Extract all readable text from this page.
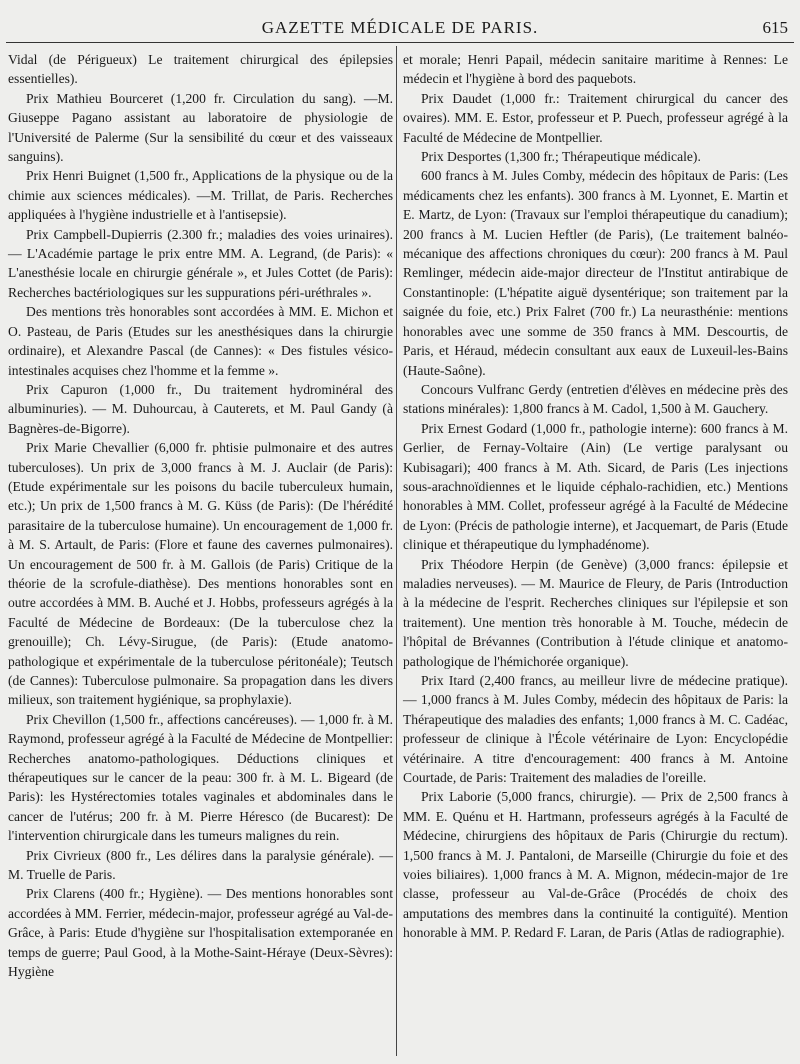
GAZETTE MÉDICALE DE PARIS.	615

Vidal (de Périgueux) Le traitement chirurgical des épilepsies essentielles).

Prix Mathieu Bourceret (1,200 fr. Circulation du sang). —M. Giuseppe Pagano assistant au laboratoire de physiologie de l'Université de Palerme (Sur la sensibilité du cœur et des vaisseaux sanguins).

Prix Henri Buignet (1,500 fr., Applications de la physique ou de la chimie aux sciences médicales). —M. Trillat, de Paris. Recherches appliquées à l'hygiène industrielle et à l'antisepsie).

Prix Campbell-Dupierris (2.300 fr.; maladies des voies urinaires). — L'Académie partage le prix entre MM. A. Legrand, (de Paris): « L'anesthésie locale en chirurgie générale », et Jules Cottet (de Paris): Recherches bactériologiques sur les suppurations péri-uréthrales ».

Des mentions très honorables sont accordées à MM. E. Michon et O. Pasteau, de Paris (Etudes sur les anesthésiques dans la chirurgie ordinaire), et Alexandre Pascal (de Cannes): « Des fistules vésico-intestinales acquises chez l'homme et la femme ».

Prix Capuron (1,000 fr., Du traitement hydrominéral des albuminuries). — M. Duhourcau, à Cauterets, et M. Paul Gandy (à Bagnères-de-Bigorre).

Prix Marie Chevallier (6,000 fr. phtisie pulmonaire et des autres tuberculoses). Un prix de 3,000 francs à M. J. Auclair (de Paris): (Etude expérimentale sur les poisons du bacile tuberculeux humain, etc.); Un prix de 1,500 francs à M. G. Küss (de Paris): (De l'hérédité parasitaire de la tuberculose humaine). Un encouragement de 1,000 fr. à M. S. Artault, de Paris: (Flore et faune des cavernes pulmonaires). Un encouragement de 500 fr. à M. Gallois (de Paris) Critique de la théorie de la scrofule-diathèse). Des mentions honorables sont en outre accordées à MM. B. Auché et J. Hobbs, professeurs agrégés à la Faculté de Médecine de Bordeaux: (De la tuberculose chez la grenouille); Ch. Lévy-Sirugue, (de Paris): (Etude anatomo-pathologique et expérimentale de la tuberculose péritonéale); Teutsch (de Cannes): Tuberculose pulmonaire. Sa propagation dans les divers milieux, son traitement hygiénique, sa prophylaxie).

Prix Chevillon (1,500 fr., affections cancéreuses). — 1,000 fr. à M. Raymond, professeur agrégé à la Faculté de Médecine de Montpellier: Recherches anatomo-pathologiques. Déductions cliniques et thérapeutiques sur le cancer de la peau: 300 fr. à M. L. Bigeard (de Paris): les Hystérectomies totales vaginales et abdominales dans le cancer de l'utérus; 200 fr. à M. Pierre Héresco (de Bucarest): De l'intervention chirurgicale dans les tumeurs malignes du rein.

Prix Civrieux (800 fr., Les délires dans la paralysie générale). — M. Truelle de Paris.

Prix Clarens (400 fr.; Hygiène). — Des mentions honorables sont accordées à MM. Ferrier, médecin-major, professeur agrégé au Val-de-Grâce, à Paris: Etude d'hygiène sur l'hospitalisation extemporanée en temps de guerre; Paul Good, à la Mothe-Saint-Héraye (Deux-Sèvres): Hygiène

et morale; Henri Papail, médecin sanitaire maritime à Rennes: Le médecin et l'hygiène à bord des paquebots.

Prix Daudet (1,000 fr.: Traitement chirurgical du cancer des ovaires). MM. E. Estor, professeur et P. Puech, professeur agrégé à la Faculté de Médecine de Montpellier.

Prix Desportes (1,300 fr.; Thérapeutique médicale).

600 francs à M. Jules Comby, médecin des hôpitaux de Paris: (Les médicaments chez les enfants). 300 francs à M. Lyonnet, E. Martin et E. Martz, de Lyon: (Travaux sur l'emploi thérapeutique du canadium); 200 francs à M. Lucien Heftler (de Paris), (Le traitement balnéo-mécanique des affections chroniques du cœur): 200 francs à M. Paul Remlinger, médecin aide-major directeur de l'Institut antirabique de Constantinople: (L'hépatite aiguë dysentérique; son traitement par la saignée du foie, etc.) Prix Falret (700 fr.) La neurasthénie: mentions honorables avec une somme de 350 francs à MM. Descourtis, de Paris, et Héraud, médecin consultant aux eaux de Luxeuil-les-Bains (Haute-Saône).

Concours Vulfranc Gerdy (entretien d'élèves en médecine près des stations minérales): 1,800 francs à M. Cadol, 1,500 à M. Gauchery.

Prix Ernest Godard (1,000 fr., pathologie interne): 600 francs à M. Gerlier, de Fernay-Voltaire (Ain) (Le vertige paralysant ou Kubisagari); 400 francs à M. Ath. Sicard, de Paris (Les injections sous-arachnoïdiennes et le liquide céphalo-rachidien, etc.) Mentions honorables à MM. Collet, professeur agrégé à la Faculté de Médecine de Lyon: (Précis de pathologie interne), et Jacquemart, de Paris (Etude clinique et thérapeutique du lymphadénome).

Prix Théodore Herpin (de Genève) (3,000 francs: épilepsie et maladies nerveuses). — M. Maurice de Fleury, de Paris (Introduction à la médecine de l'esprit. Recherches cliniques sur l'épilepsie et son traitement). Une mention très honorable à M. Touche, médecin de l'hôpital de Brévannes (Contribution à l'étude clinique et anatomo-pathologique de l'hémichorée organique).

Prix Itard (2,400 francs, au meilleur livre de médecine pratique). — 1,000 francs à M. Jules Comby, médecin des hôpitaux de Paris: la Thérapeutique des maladies des enfants; 1,000 francs à M. C. Cadéac, professeur de clinique à l'École vétérinaire de Lyon: Encyclopédie vétérinaire. A titre d'encouragement: 400 francs à M. Antoine Courtade, de Paris: Traitement des maladies de l'oreille.

Prix Laborie (5,000 francs, chirurgie). — Prix de 2,500 francs à MM. E. Quénu et H. Hartmann, professeurs agrégés à la Faculté de Médecine, chirurgiens des hôpitaux de Paris (Chirurgie du rectum). 1,500 francs à M. J. Pantaloni, de Marseille (Chirurgie du foie et des voies biliaires). 1,000 francs à M. A. Mignon, médecin-major de 1re classe, professeur au Val-de-Grâce (Procédés de choix des amputations des membres dans la continuité la contiguïté). Mention honorable à MM. P. Redard F. Laran, de Paris (Atlas de radiographie).
